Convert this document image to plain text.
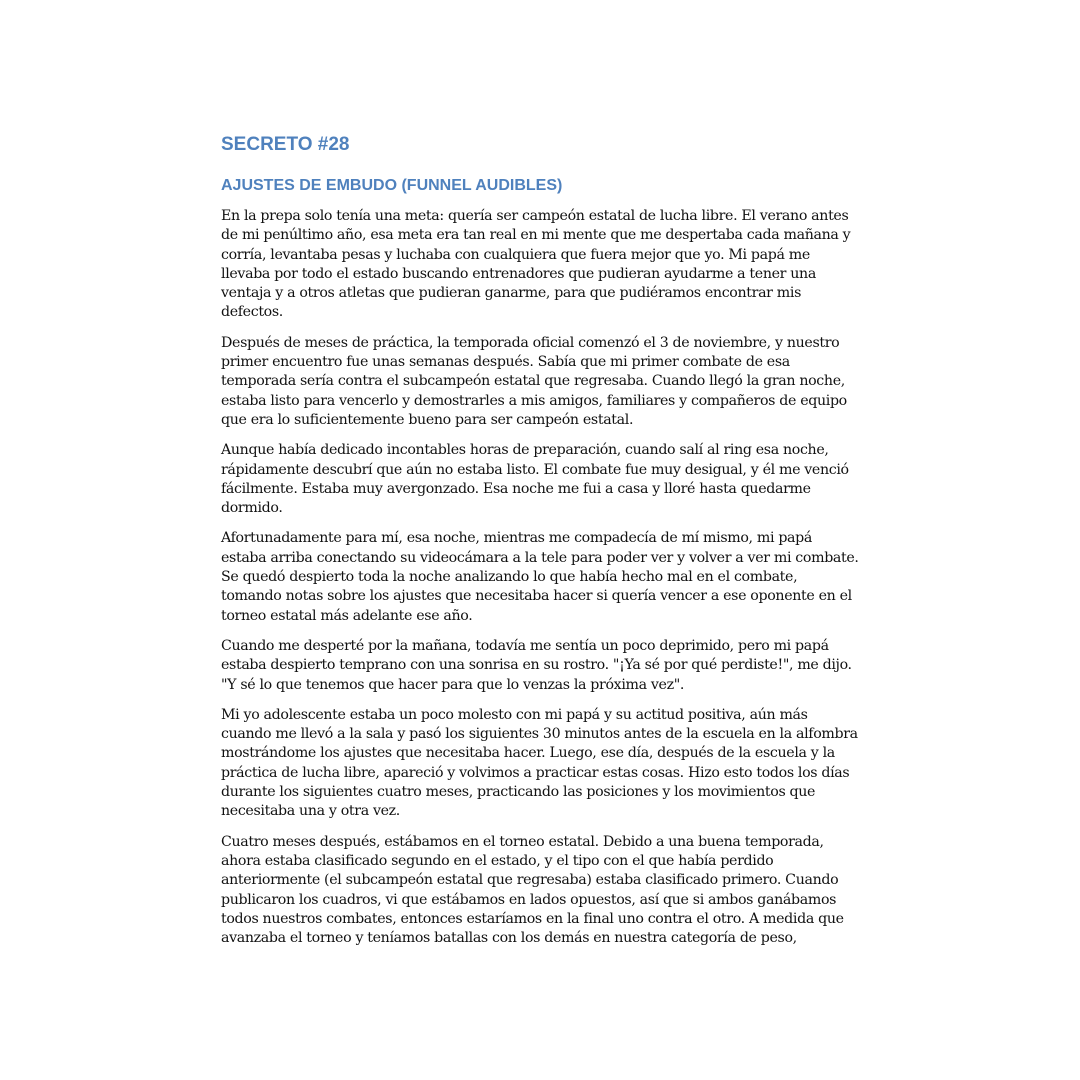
SECRETO #28
AJUSTES DE EMBUDO (FUNNEL AUDIBLES)

En la prepa solo tenía una meta: quería ser campeón estatal de lucha libre. El verano antes de mi penúltimo año, esa meta era tan real en mi mente que me despertaba cada mañana y corría, levantaba pesas y luchaba con cualquiera que fuera mejor que yo. Mi papá me llevaba por todo el estado buscando entrenadores que pudieran ayudarme a tener una ventaja y a otros atletas que pudieran ganarme, para que pudiéramos encontrar mis defectos.

Después de meses de práctica, la temporada oficial comenzó el 3 de noviembre, y nuestro primer encuentro fue unas semanas después. Sabía que mi primer combate de esa temporada sería contra el subcampeón estatal que regresaba. Cuando llegó la gran noche, estaba listo para vencerlo y demostrarles a mis amigos, familiares y compañeros de equipo que era lo suficientemente bueno para ser campeón estatal.

Aunque había dedicado incontables horas de preparación, cuando salí al ring esa noche, rápidamente descubrí que aún no estaba listo. El combate fue muy desigual, y él me venció fácilmente. Estaba muy avergonzado. Esa noche me fui a casa y lloré hasta quedarme dormido.

Afortunadamente para mí, esa noche, mientras me compadecía de mí mismo, mi papá estaba arriba conectando su videocámara a la tele para poder ver y volver a ver mi combate. Se quedó despierto toda la noche analizando lo que había hecho mal en el combate, tomando notas sobre los ajustes que necesitaba hacer si quería vencer a ese oponente en el torneo estatal más adelante ese año.

Cuando me desperté por la mañana, todavía me sentía un poco deprimido, pero mi papá estaba despierto temprano con una sonrisa en su rostro. "¡Ya sé por qué perdiste!", me dijo. "Y sé lo que tenemos que hacer para que lo venzas la próxima vez".

Mi yo adolescente estaba un poco molesto con mi papá y su actitud positiva, aún más cuando me llevó a la sala y pasó los siguientes 30 minutos antes de la escuela en la alfombra mostrándome los ajustes que necesitaba hacer. Luego, ese día, después de la escuela y la práctica de lucha libre, apareció y volvimos a practicar estas cosas. Hizo esto todos los días durante los siguientes cuatro meses, practicando las posiciones y los movimientos que necesitaba una y otra vez.

Cuatro meses después, estábamos en el torneo estatal. Debido a una buena temporada, ahora estaba clasificado segundo en el estado, y el tipo con el que había perdido anteriormente (el subcampeón estatal que regresaba) estaba clasificado primero. Cuando publicaron los cuadros, vi que estábamos en lados opuestos, así que si ambos ganábamos todos nuestros combates, entonces estaríamos en la final uno contra el otro. A medida que avanzaba el torneo y teníamos batallas con los demás en nuestra categoría de peso,
